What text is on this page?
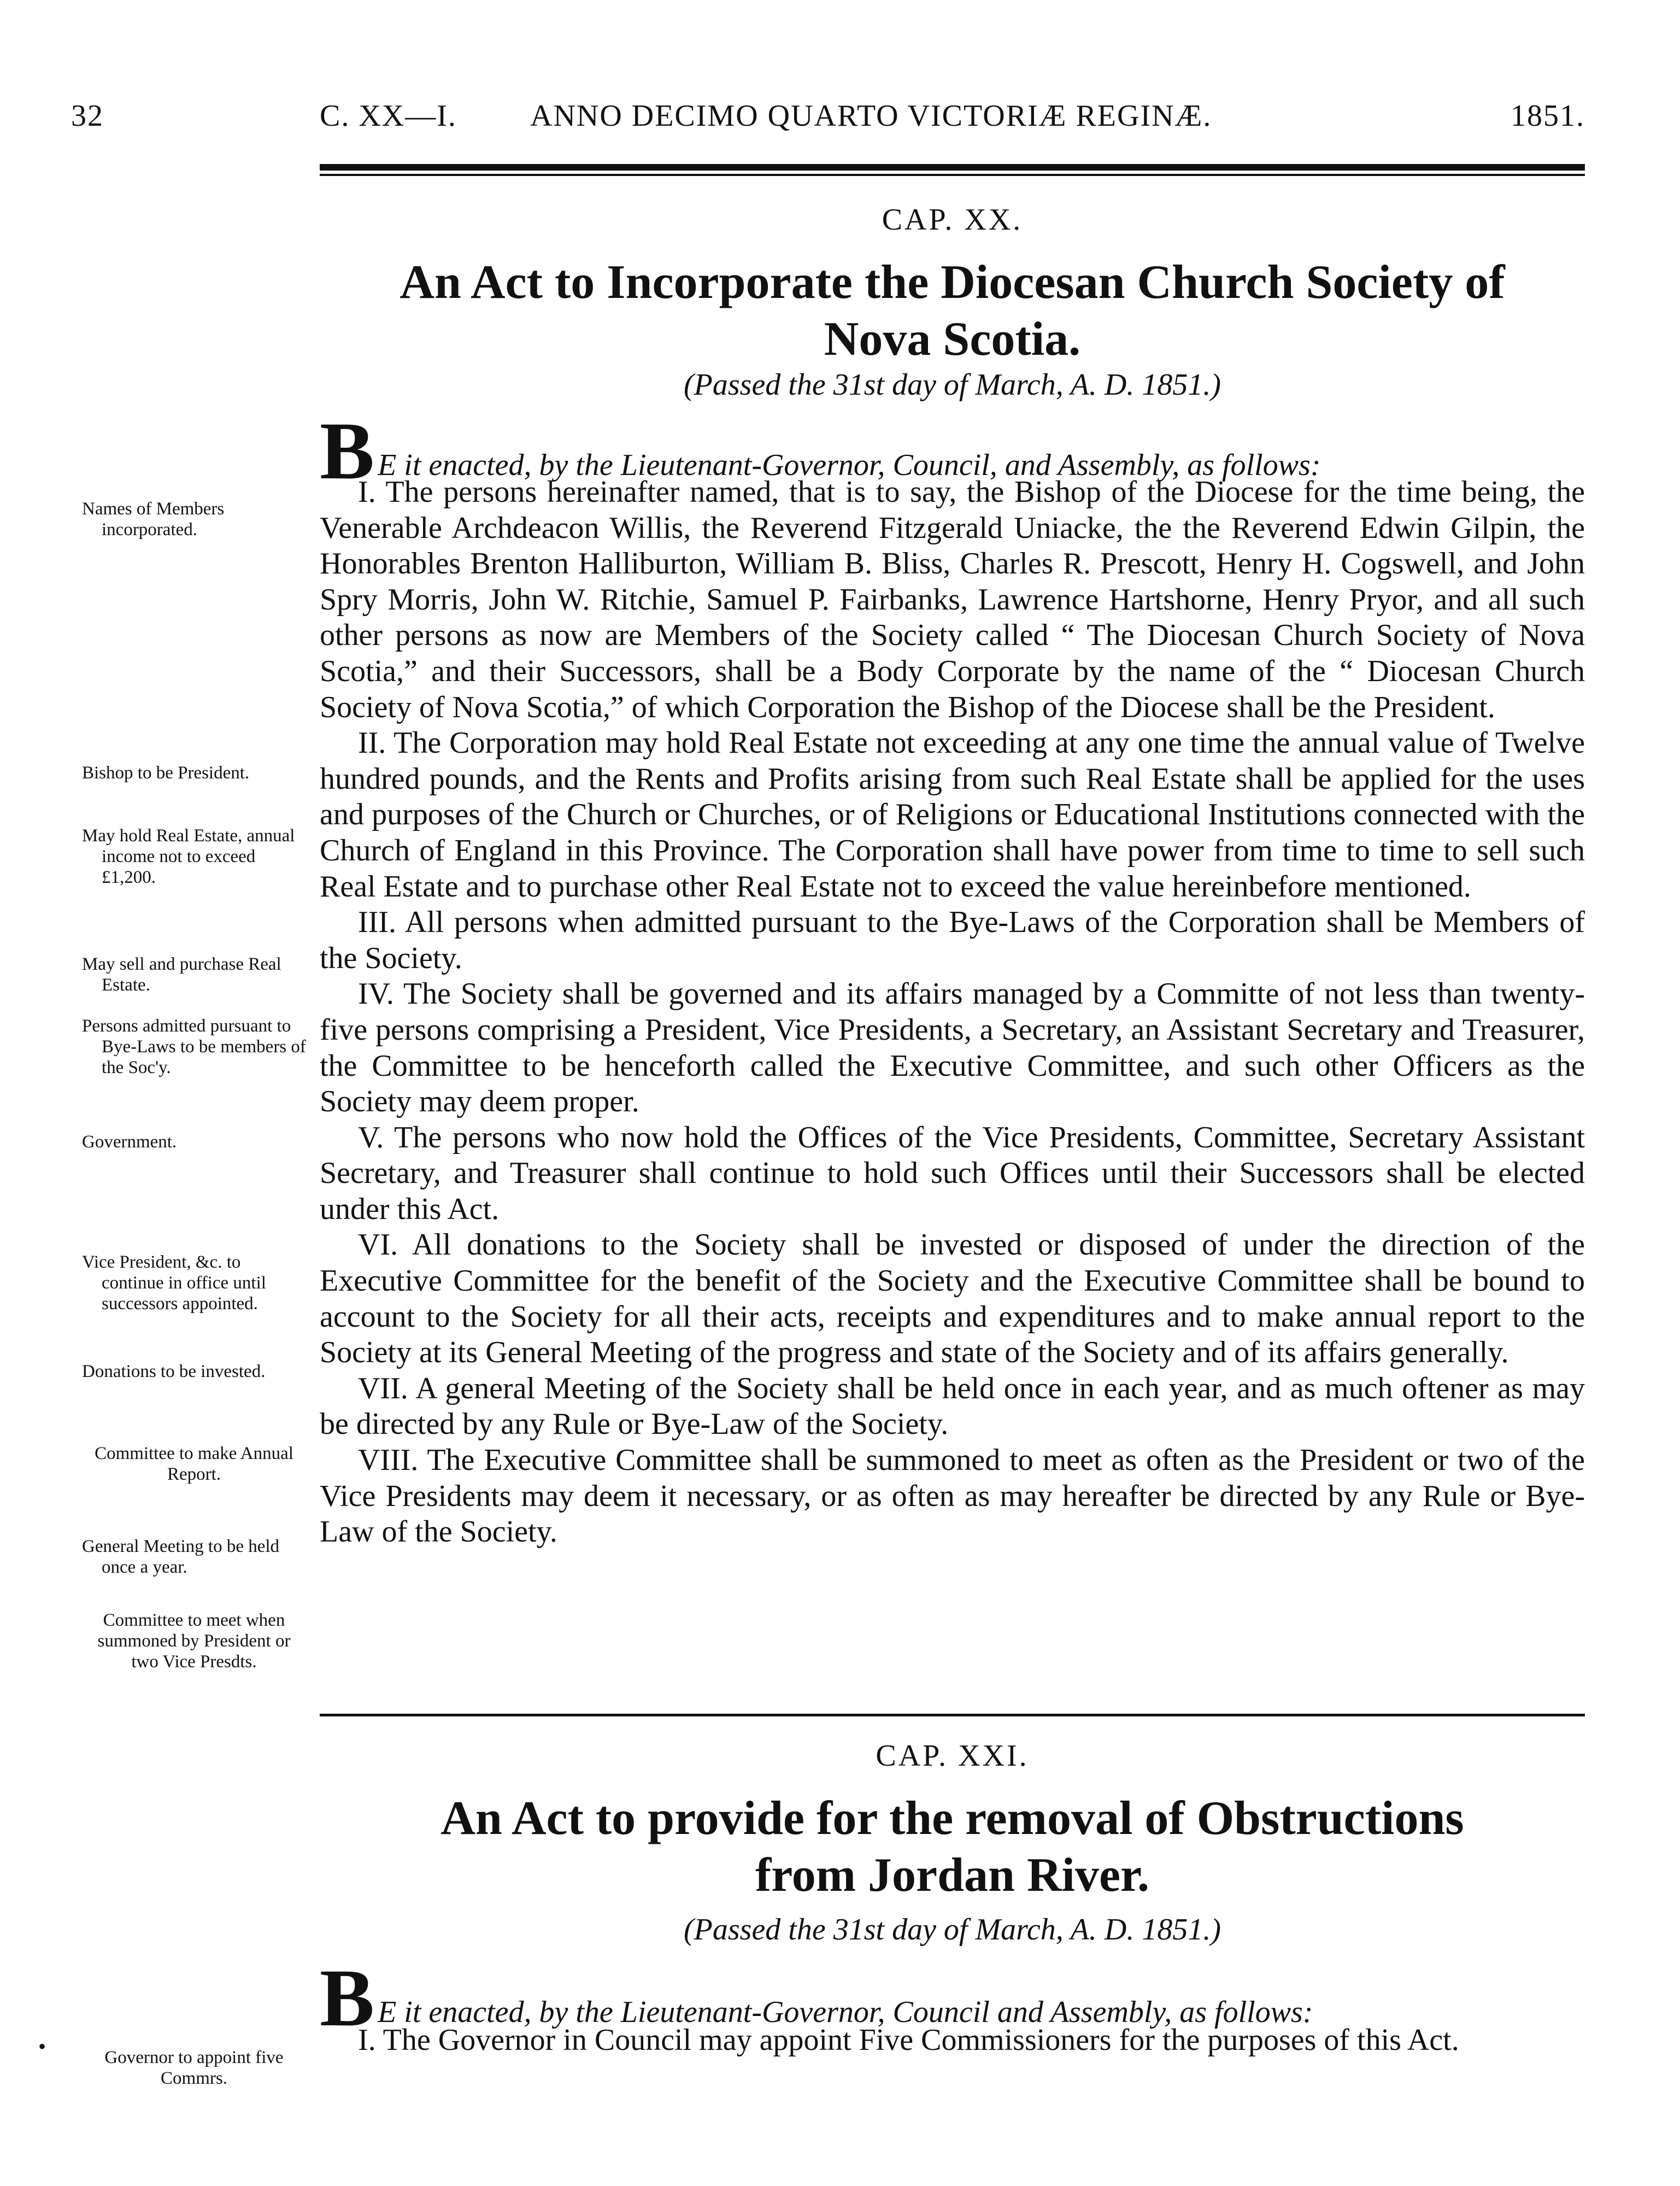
32	C. XX—I. ANNO DECIMO QUARTO VICTORIÆ REGINÆ.	1851.
CAP. XX.
An Act to Incorporate the Diocesan Church Society of
Nova Scotia.
(Passed the 31st day of March, A. D. 1851.)
B E it enacted, by the Lieutenant-Governor, Council, and Assembly, as follows:

I. The persons hereinafter named, that is to say, the Bishop of the Diocese for the time being, the Venerable Archdeacon Willis, the Reverend Fitzgerald Uniacke, the the Reverend Edwin Gilpin, the Honorables Brenton Halliburton, William B. Bliss, Charles R. Prescott, Henry H. Cogswell, and John Spry Morris, John W. Ritchie, Samuel P. Fairbanks, Lawrence Hartshorne, Henry Pryor, and all such other persons as now are Members of the Society called “ The Diocesan Church Society of Nova Scotia,” and their Successors, shall be a Body Corporate by the name of the “ Diocesan Church Society of Nova Scotia,” of which Corporation the Bishop of the Diocese shall be the President.

II. The Corporation may hold Real Estate not exceeding at any one time the annual value of Twelve hundred pounds, and the Rents and Profits arising from such Real Estate shall be applied for the uses and purposes of the Church or Churches, or of Religions or Educational Institutions connected with the Church of England in this Province. The Corporation shall have power from time to time to sell such Real Estate and to purchase other Real Estate not to exceed the value hereinbefore mentioned.

III. All persons when admitted pursuant to the Bye-Laws of the Corporation shall be Members of the Society.

IV. The Society shall be governed and its affairs managed by a Committe of not less than twenty-five persons comprising a President, Vice Presidents, a Secretary, an Assistant Secretary and Treasurer, the Committee to be henceforth called the Executive Committee, and such other Officers as the Society may deem proper.

V. The persons who now hold the Offices of the Vice Presidents, Committee, Secretary Assistant Secretary, and Treasurer shall continue to hold such Offices until their Successors shall be elected under this Act.

VI. All donations to the Society shall be invested or disposed of under the direction of the Executive Committee for the benefit of the Society and the Executive Committee shall be bound to account to the Society for all their acts, receipts and expenditures and to make annual report to the Society at its General Meeting of the progress and state of the Society and of its affairs generally.

VII. A general Meeting of the Society shall be held once in each year, and as much oftener as may be directed by any Rule or Bye-Law of the Society.

VIII. The Executive Committee shall be summoned to meet as often as the President or two of the Vice Presidents may deem it necessary, or as often as may hereafter be directed by any Rule or Bye-Law of the Society.

CAP. XXI.
An Act to provide for the removal of Obstructions
from Jordan River.
(Passed the 31st day of March, A. D. 1851.)
B E it enacted, by the Lieutenant-Governor, Council and Assembly, as follows:

I. The Governor in Council may appoint Five Commissioners for the purposes of this Act.

Names of Members incorporated.
Bishop to be President.
May hold Real Estate, annual income not to exceed £1,200.
May sell and purchase Real Estate.
Persons admitted pursuant to Bye-Laws to be members of the Soc'y.
Government.
Vice President, &c. to continue in office until successors appointed.
Donations to be invested.
Committee to make Annual Report.
General Meeting to be held once a year.
Committee to meet when summoned by President or two Vice Presdts.
Governor to appoint five Commrs.
•
